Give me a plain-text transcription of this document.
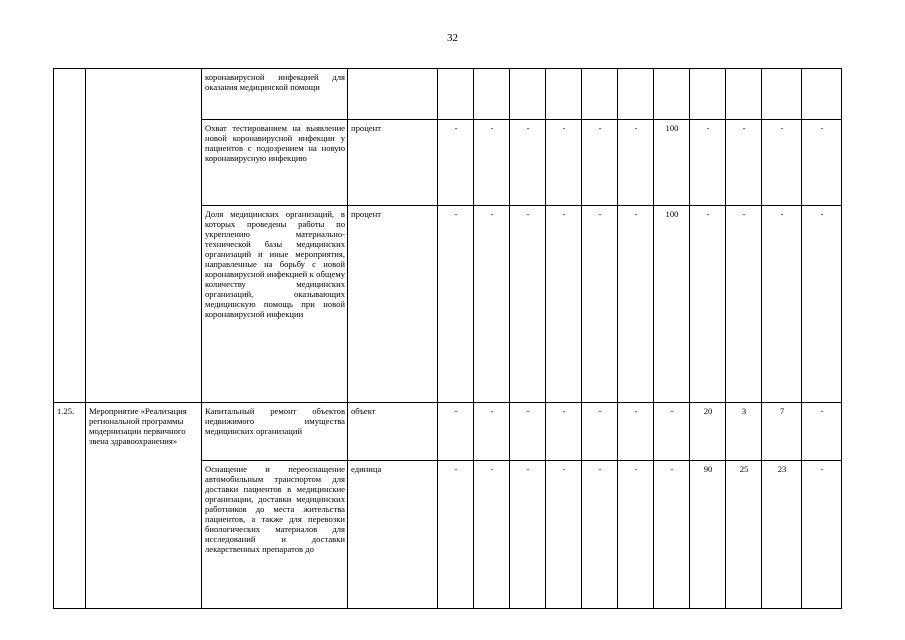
32
		коронавирусной инфекцией для оказания медицинской помощи												
		Охват тестированием на выявление новой коронавирусной инфекции у пациентов с подозрением на новую коронавирусную инфекцию	процент	-	-	-	-	-	-	100	-	-	-	-
		Доля медицинских организаций, в которых проведены работы по укреплению материально-технической базы медицинских организаций и иные мероприятия, направленные на борьбу с новой коронавирусной инфекцией к общему количеству медицинских организаций, оказывающих медицинскую помощь при новой коронавирусной инфекции	процент	-	-	-	-	-	-	100	-	-	-	-
1.25.	Мероприятие «Реализация региональной программы модернизации первичного звена здравоохранения»	Капитальный ремонт объектов недвижимого имущества медицинских организаций	объект	-	-	-	-	-	-	-	20	3	7	-
		Оснащение и переоснащение автомобильным транспортом для доставки пациентов в медицинские организации, доставки медицинских работников до места жительства пациентов, а также для перевозки биологических материалов для исследований и доставки лекарственных препаратов до	единица	-	-	-	-	-	-	-	90	25	23	-
